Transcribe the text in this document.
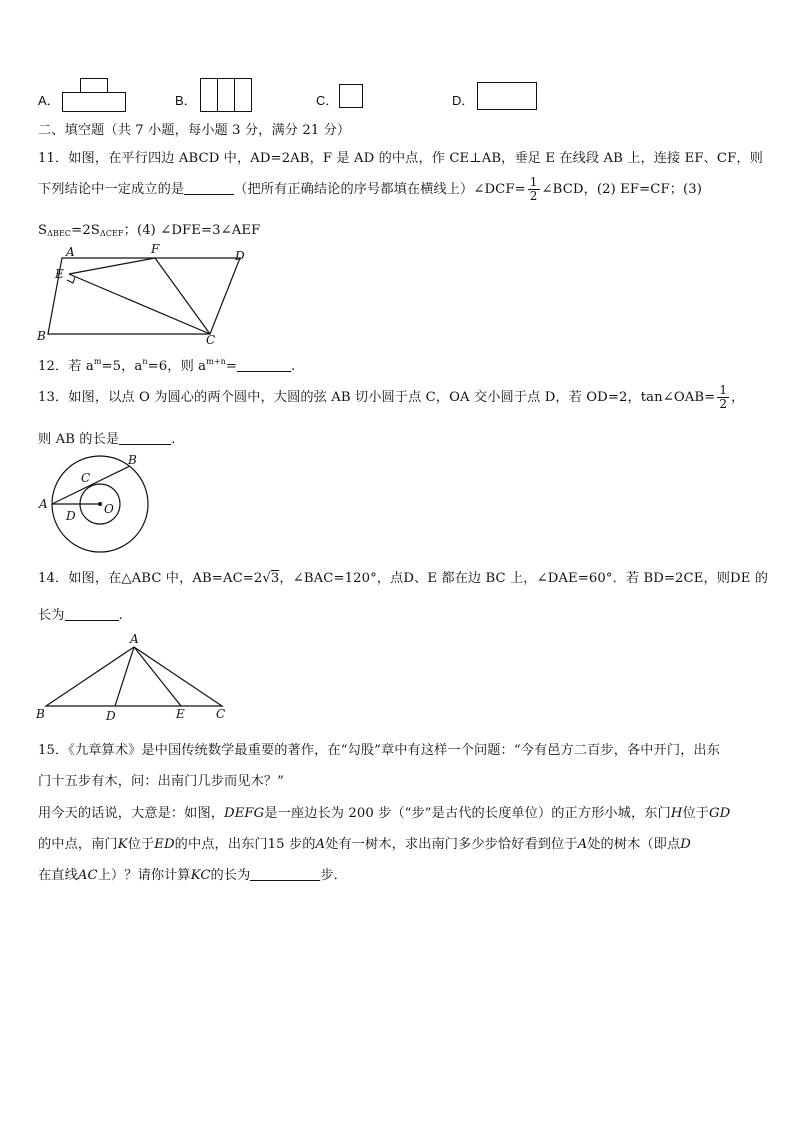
A．	B．	C．	D．
二、填空题（共 7 小题，每小题 3 分，满分 21 分）
11．如图，在平行四边 ABCD 中，AD=2AB，F 是 AD 的中点，作 CE⊥AB，垂足 E 在线段 AB 上，连接 EF、CF，则
下列结论中一定成立的是	（把所有正确结论的序号都填在横线上）∠DCF= $\frac{1}{2}$ ∠BCD，(2) EF=CF；(3)
$S_{\Delta BEC}=2S_{\Delta CEF}$；(4) ∠DFE=3∠AEF
A	F	D
E
B	C
12．若 $a^m=5$，$a^n=6$，则 $a^{m+n}=$	.
13．如图，以点 O 为圆心的两个圆中，大圆的弦 AB 切小圆于点 C，OA 交小圆于点 D，若 OD=2，tan∠OAB= $\frac{1}{2}$ ，
则 AB 的长是	.
A
B
C
D O
14．如图，在△ABC 中，AB=AC=2√3，∠BAC=120°，点D、E 都在边 BC 上，∠DAE=60°．若 BD=2CE，则DE 的
长为	.
A
B	D	E	C
15．《九章算术》是中国传统数学最重要的著作，在“勾股”章中有这样一个问题：“今有邑方二百步，各中开门，出东
门十五步有木，问：出南门几步而见木？”
用今天的话说，大意是：如图，DEFG是一座边长为 200 步（“步”是古代的长度单位）的正方形小城，东门H位于GD
的中点，南门K位于ED的中点，出东门15 步的A处有一树木，求出南门多少步恰好看到位于A处的树木（即点D
在直线AC上）？请你计算KC的长为	步．
